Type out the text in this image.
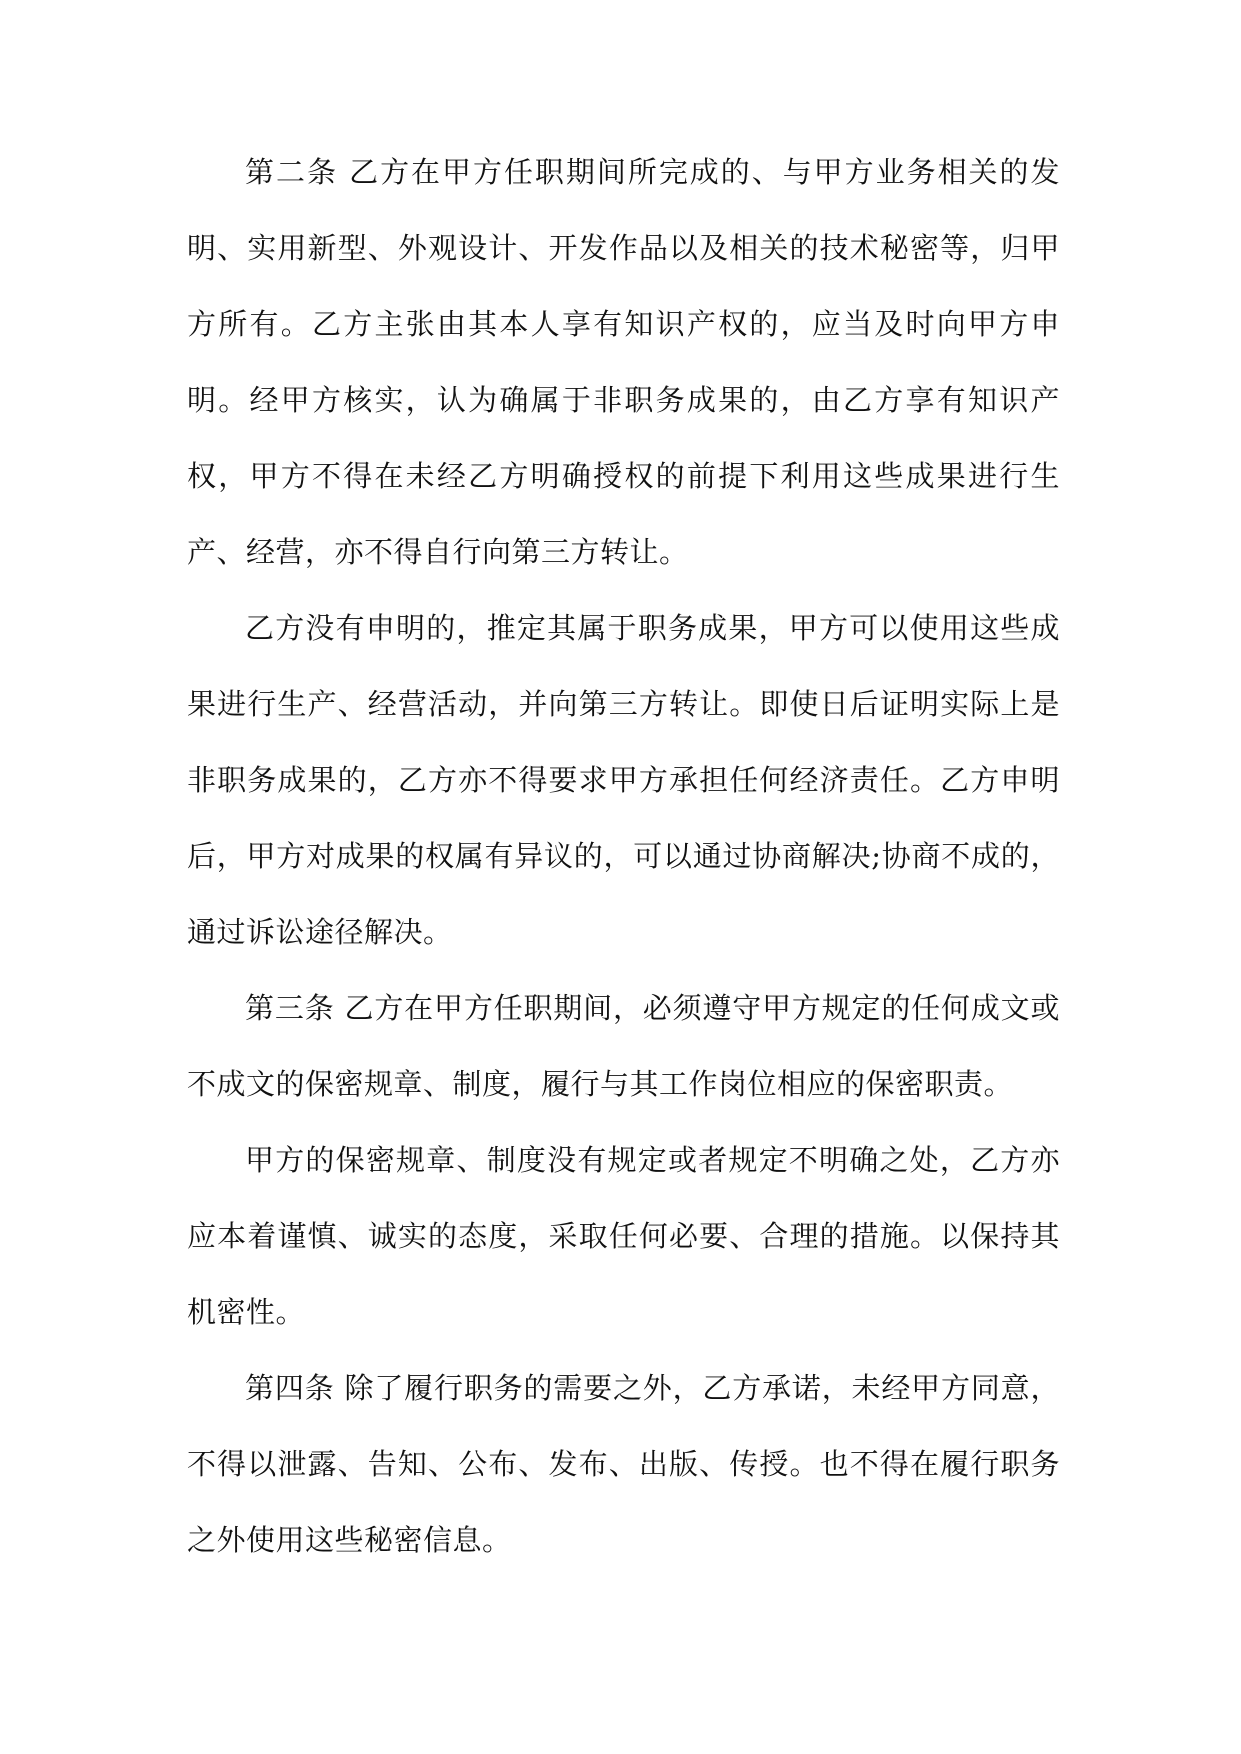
第二条 乙方在甲方任职期间所完成的、与甲方业务相关的发明、实用新型、外观设计、开发作品以及相关的技术秘密等，归甲方所有。乙方主张由其本人享有知识产权的，应当及时向甲方申明。经甲方核实，认为确属于非职务成果的，由乙方享有知识产权，甲方不得在未经乙方明确授权的前提下利用这些成果进行生产、经营，亦不得自行向第三方转让。

乙方没有申明的，推定其属于职务成果，甲方可以使用这些成果进行生产、经营活动，并向第三方转让。即使日后证明实际上是非职务成果的，乙方亦不得要求甲方承担任何经济责任。乙方申明后，甲方对成果的权属有异议的，可以通过协商解决;协商不成的，通过诉讼途径解决。

第三条 乙方在甲方任职期间，必须遵守甲方规定的任何成文或不成文的保密规章、制度，履行与其工作岗位相应的保密职责。

甲方的保密规章、制度没有规定或者规定不明确之处，乙方亦应本着谨慎、诚实的态度，采取任何必要、合理的措施。以保持其机密性。

第四条 除了履行职务的需要之外，乙方承诺，未经甲方同意，不得以泄露、告知、公布、发布、出版、传授。也不得在履行职务之外使用这些秘密信息。
